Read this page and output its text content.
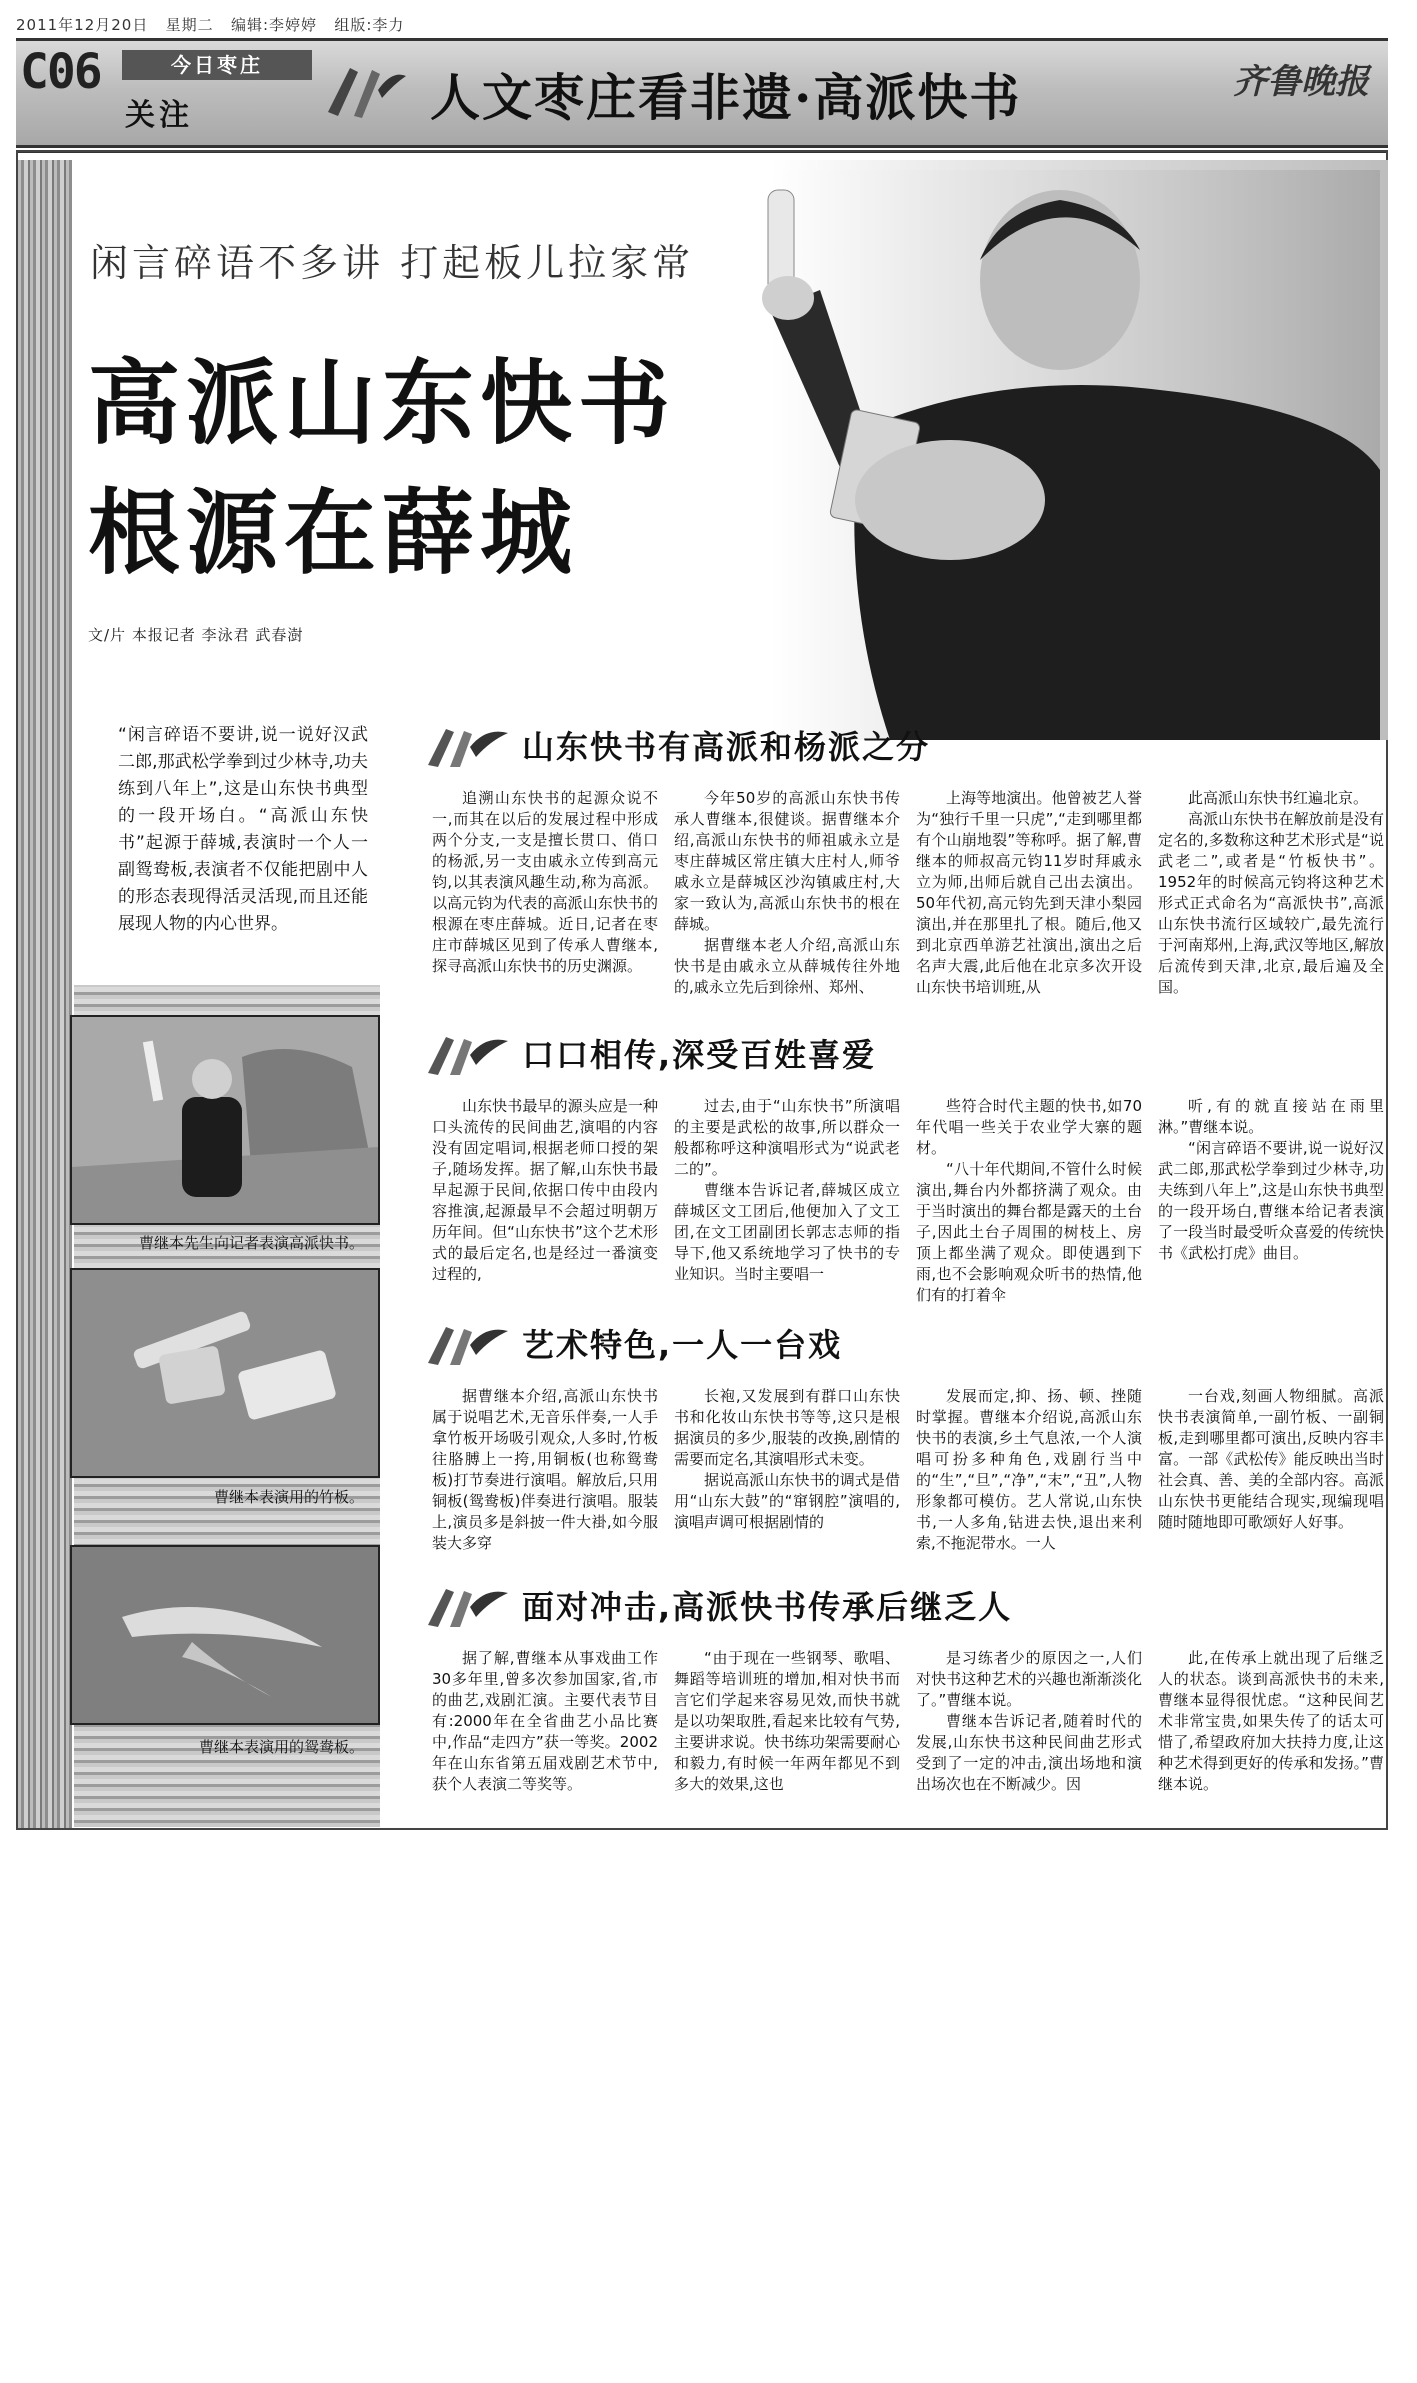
2011年12月20日 星期二 编辑:李婷婷 组版:李力
C06	今日枣庄
关注	人文枣庄看非遗·高派快书	齐鲁晚报
闲言碎语不多讲 打起板儿拉家常
高派山东快书
根源在薛城
文/片 本报记者 李泳君 武春澍
“闲言碎语不要讲,说一说好汉武二郎,那武松学拳到过少林寺,功夫练到八年上”,这是山东快书典型的一段开场白。“高派山东快书”起源于薛城,表演时一个人一副鸳鸯板,表演者不仅能把剧中人的形态表现得活灵活现,而且还能展现人物的内心世界。
曹继本先生向记者表演高派快书。
曹继本表演用的竹板。
曹继本表演用的鸳鸯板。
山东快书有高派和杨派之分
追溯山东快书的起源众说不一,而其在以后的发展过程中形成两个分支,一支是擅长贯口、俏口的杨派,另一支由戚永立传到高元钧,以其表演风趣生动,称为高派。以高元钧为代表的高派山东快书的根源在枣庄薛城。近日,记者在枣庄市薛城区见到了传承人曹继本,探寻高派山东快书的历史渊源。

今年50岁的高派山东快书传承人曹继本,很健谈。据曹继本介绍,高派山东快书的师祖戚永立是枣庄薛城区常庄镇大庄村人,师爷戚永立是薛城区沙沟镇戚庄村,大家一致认为,高派山东快书的根在薛城。

据曹继本老人介绍,高派山东快书是由戚永立从薛城传往外地的,戚永立先后到徐州、郑州、

上海等地演出。他曾被艺人誉为“独行千里一只虎”,“走到哪里都有个山崩地裂”等称呼。据了解,曹继本的师叔高元钧11岁时拜戚永立为师,出师后就自己出去演出。50年代初,高元钧先到天津小梨园演出,并在那里扎了根。随后,他又到北京西单游艺社演出,演出之后名声大震,此后他在北京多次开设山东快书培训班,从

此高派山东快书红遍北京。

高派山东快书在解放前是没有定名的,多数称这种艺术形式是“说武老二”,或者是“竹板快书”。1952年的时候高元钧将这种艺术形式正式命名为“高派快书”,高派山东快书流行区域较广,最先流行于河南郑州,上海,武汉等地区,解放后流传到天津,北京,最后遍及全国。

口口相传,深受百姓喜爱
山东快书最早的源头应是一种口头流传的民间曲艺,演唱的内容没有固定唱词,根据老师口授的架子,随场发挥。据了解,山东快书最早起源于民间,依据口传中由段内容推演,起源最早不会超过明朝万历年间。但“山东快书”这个艺术形式的最后定名,也是经过一番演变过程的,

过去,由于“山东快书”所演唱的主要是武松的故事,所以群众一般都称呼这种演唱形式为“说武老二的”。

曹继本告诉记者,薛城区成立薛城区文工团后,他便加入了文工团,在文工团副团长郭志志师的指导下,他又系统地学习了快书的专业知识。当时主要唱一

些符合时代主题的快书,如70年代唱一些关于农业学大寨的题材。

“八十年代期间,不管什么时候演出,舞台内外都挤满了观众。由于当时演出的舞台都是露天的土台子,因此土台子周围的树枝上、房顶上都坐满了观众。即使遇到下雨,也不会影响观众听书的热情,他们有的打着伞

听,有的就直接站在雨里淋。”曹继本说。

“闲言碎语不要讲,说一说好汉武二郎,那武松学拳到过少林寺,功夫练到八年上”,这是山东快书典型的一段开场白,曹继本给记者表演了一段当时最受听众喜爱的传统快书《武松打虎》曲目。

艺术特色,一人一台戏
据曹继本介绍,高派山东快书属于说唱艺术,无音乐伴奏,一人手拿竹板开场吸引观众,人多时,竹板往胳膊上一挎,用铜板(也称鸳鸯板)打节奏进行演唱。解放后,只用铜板(鸳鸯板)伴奏进行演唱。服装上,演员多是斜披一件大褂,如今服装大多穿

长袍,又发展到有群口山东快书和化妆山东快书等等,这只是根据演员的多少,服装的改换,剧情的需要而定名,其演唱形式未变。

据说高派山东快书的调式是借用“山东大鼓”的“窜钢腔”演唱的,演唱声调可根据剧情的

发展而定,抑、扬、顿、挫随时掌握。曹继本介绍说,高派山东快书的表演,乡土气息浓,一个人演唱可扮多种角色,戏剧行当中的“生”,“旦”,“净”,“末”,“丑”,人物形象都可模仿。艺人常说,山东快书,一人多角,钻进去快,退出来利索,不拖泥带水。一人
一台戏,刻画人物细腻。高派快书表演简单,一副竹板、一副铜板,走到哪里都可演出,反映内容丰富。一部《武松传》能反映出当时社会真、善、美的全部内容。高派山东快书更能结合现实,现编现唱随时随地即可歌颂好人好事。
面对冲击,高派快书传承后继乏人
据了解,曹继本从事戏曲工作30多年里,曾多次参加国家,省,市的曲艺,戏剧汇演。主要代表节目有:2000年在全省曲艺小品比赛中,作品“走四方”获一等奖。2002年在山东省第五届戏剧艺术节中,获个人表演二等奖等。
“由于现在一些钢琴、歌唱、舞蹈等培训班的增加,相对快书而言它们学起来容易见效,而快书就是以功架取胜,看起来比较有气势,主要讲求说。快书练功架需要耐心和毅力,有时候一年两年都见不到多大的效果,这也

是习练者少的原因之一,人们对快书这种艺术的兴趣也渐渐淡化了。”曹继本说。

曹继本告诉记者,随着时代的发展,山东快书这种民间曲艺形式受到了一定的冲击,演出场地和演出场次也在不断减少。因

此,在传承上就出现了后继乏人的状态。谈到高派快书的未来,曹继本显得很忧虑。“这种民间艺术非常宝贵,如果失传了的话太可惜了,希望政府加大扶持力度,让这种艺术得到更好的传承和发扬。”曹继本说。
